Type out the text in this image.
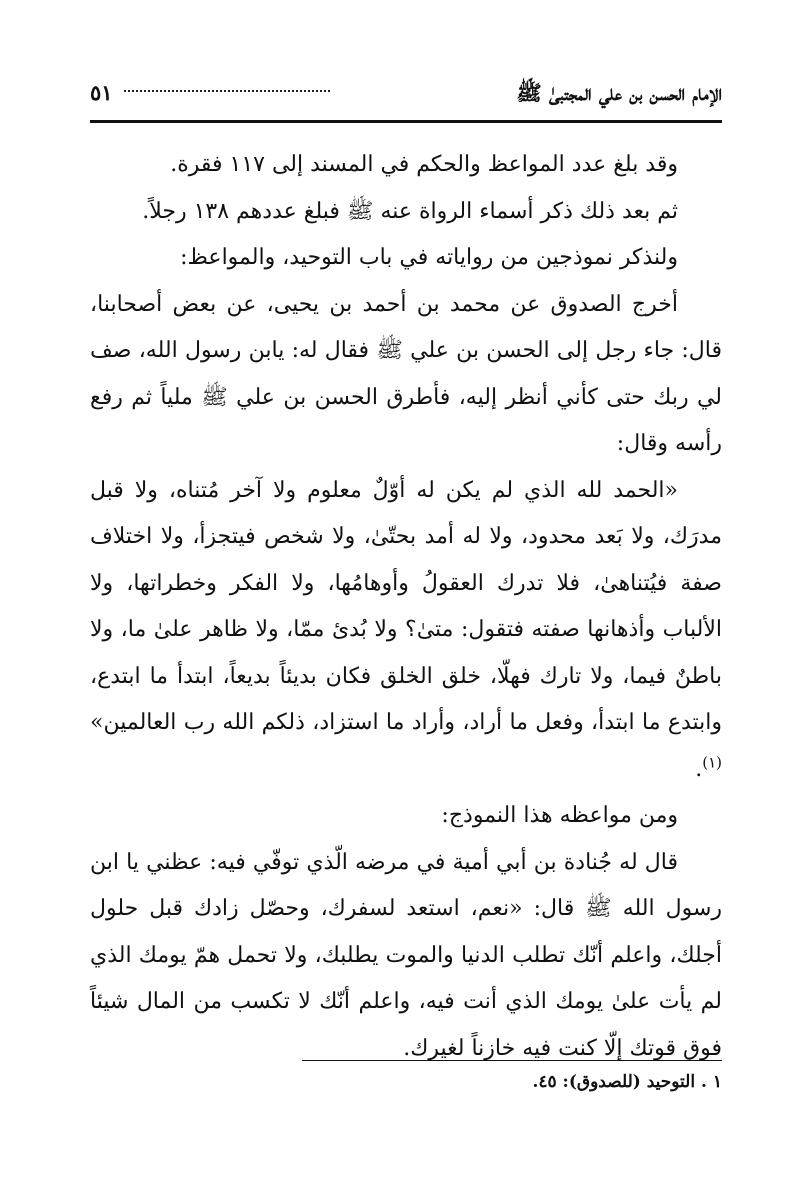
الإمام الحسن بن علي المجتبىٰ ﷺ
٥١

وقد بلغ عدد المواعظ والحكم في المسند إلى ١١٧ فقرة.

ثم بعد ذلك ذكر أسماء الرواة عنه ﷺ فبلغ عددهم ١٣٨ رجلاً.

ولنذكر نموذجين من رواياته في باب التوحيد، والمواعظ:

أخرج الصدوق عن محمد بن أحمد بن يحيى، عن بعض أصحابنا، قال: جاء رجل إلى الحسن بن علي ﷺ فقال له: يابن رسول الله، صف لي ربك حتى كأني أنظر إليه، فأطرق الحسن بن علي ﷺ ملياً ثم رفع رأسه وقال:

«الحمد لله الذي لم يكن له أوّلٌ معلوم ولا آخر مُتناه، ولا قبل مدرَك، ولا بَعد محدود، ولا له أمد بحتّىٰ، ولا شخص فيتجزأ، ولا اختلاف صفة فيُتناهىٰ، فلا تدرك العقولُ وأوهامُها، ولا الفكر وخطراتها، ولا الألباب وأذهانها صفته فتقول: متىٰ؟ ولا بُدئ ممّا، ولا ظاهر علىٰ ما، ولا باطنٌ فيما، ولا تارك فهلّا، خلق الخلق فكان بديئاً بديعاً، ابتدأ ما ابتدع، وابتدع ما ابتدأ، وفعل ما أراد، وأراد ما استزاد، ذلكم الله رب العالمين» $^{(١)}$.

ومن مواعظه هذا النموذج:

قال له جُنادة بن أبي أمية في مرضه الّذي توفّي فيه: عظني يا ابن رسول الله ﷺ قال: «نعم، استعد لسفرك، وحصّل زادك قبل حلول أجلك، واعلم أنّك تطلب الدنيا والموت يطلبك، ولا تحمل همّ يومك الذي لم يأت علىٰ يومك الذي أنت فيه، واعلم أنّك لا تكسب من المال شيئاً فوق قوتك إلّا كنت فيه خازناً لغيرك.

١ . التوحيد (للصدوق): ٤٥.
